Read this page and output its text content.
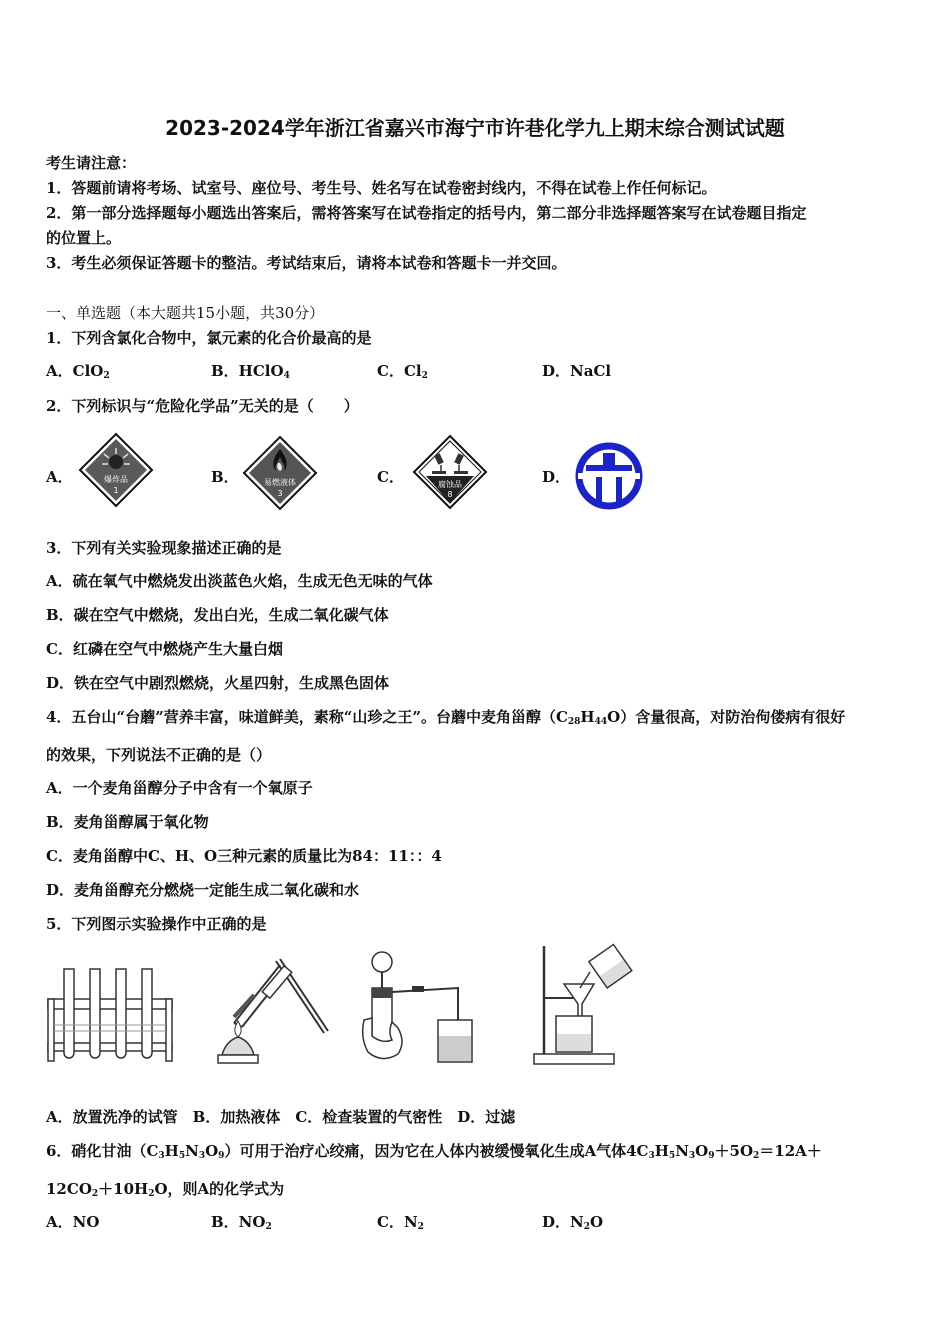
2023-2024学年浙江省嘉兴市海宁市许巷化学九上期末综合测试试题
考生请注意：
1．答题前请将考场、试室号、座位号、考生号、姓名写在试卷密封线内，不得在试卷上作任何标记。
2．第一部分选择题每小题选出答案后，需将答案写在试卷指定的括号内，第二部分非选择题答案写在试卷题目指定
的位置上。
3．考生必须保证答题卡的整洁。考试结束后，请将本试卷和答题卡一并交回。
一、单选题（本大题共15小题，共30分）
1．下列含氯化合物中，氯元素的化合价最高的是
A．ClO$_2$	B．HClO$_4$	C．$Cl_2$	D．NaCl
2．下列标识与“危险化学品”无关的是（　　）
A．	B．	C．	D．
爆炸品
1
易燃液体
3
腐蚀品
8
3．下列有关实验现象描述正确的是
A．硫在氧气中燃烧发出淡蓝色火焰，生成无色无味的气体
B．碳在空气中燃烧，发出白光，生成二氧化碳气体
C．红磷在空气中燃烧产生大量白烟
D．铁在空气中剧烈燃烧，火星四射，生成黑色固体
4．五台山“台蘑”营养丰富，味道鲜美，素称“山珍之王”。台蘑中麦角甾醇$(C_{28}H_{44}O)$含量很高，对防治佝偻病有很好
的效果，下列说法不正确的是（）
A．一个麦角甾醇分子中含有一个氧原子
B．麦角甾醇属于氧化物
C．麦角甾醇中C、H、O三种元素的质量比为84：11：：4
D．麦角甾醇充分燃烧一定能生成二氧化碳和水
5．下列图示实验操作中正确的是
A．放置洗净的试管　B．加热液体　C．检查装置的气密性　D．过滤
6．硝化甘油$(C_3H_5N_3O_9)$可用于治疗心绞痛，因为它在人体内被缓慢氧化生成A气体$4C_3H_5N_3O_9+5O_2=12A+$
$12CO_2+10H_2O$，则A的化学式为
A．NO	B．$NO_2$	C．$N_2$	D．$N_2O$
